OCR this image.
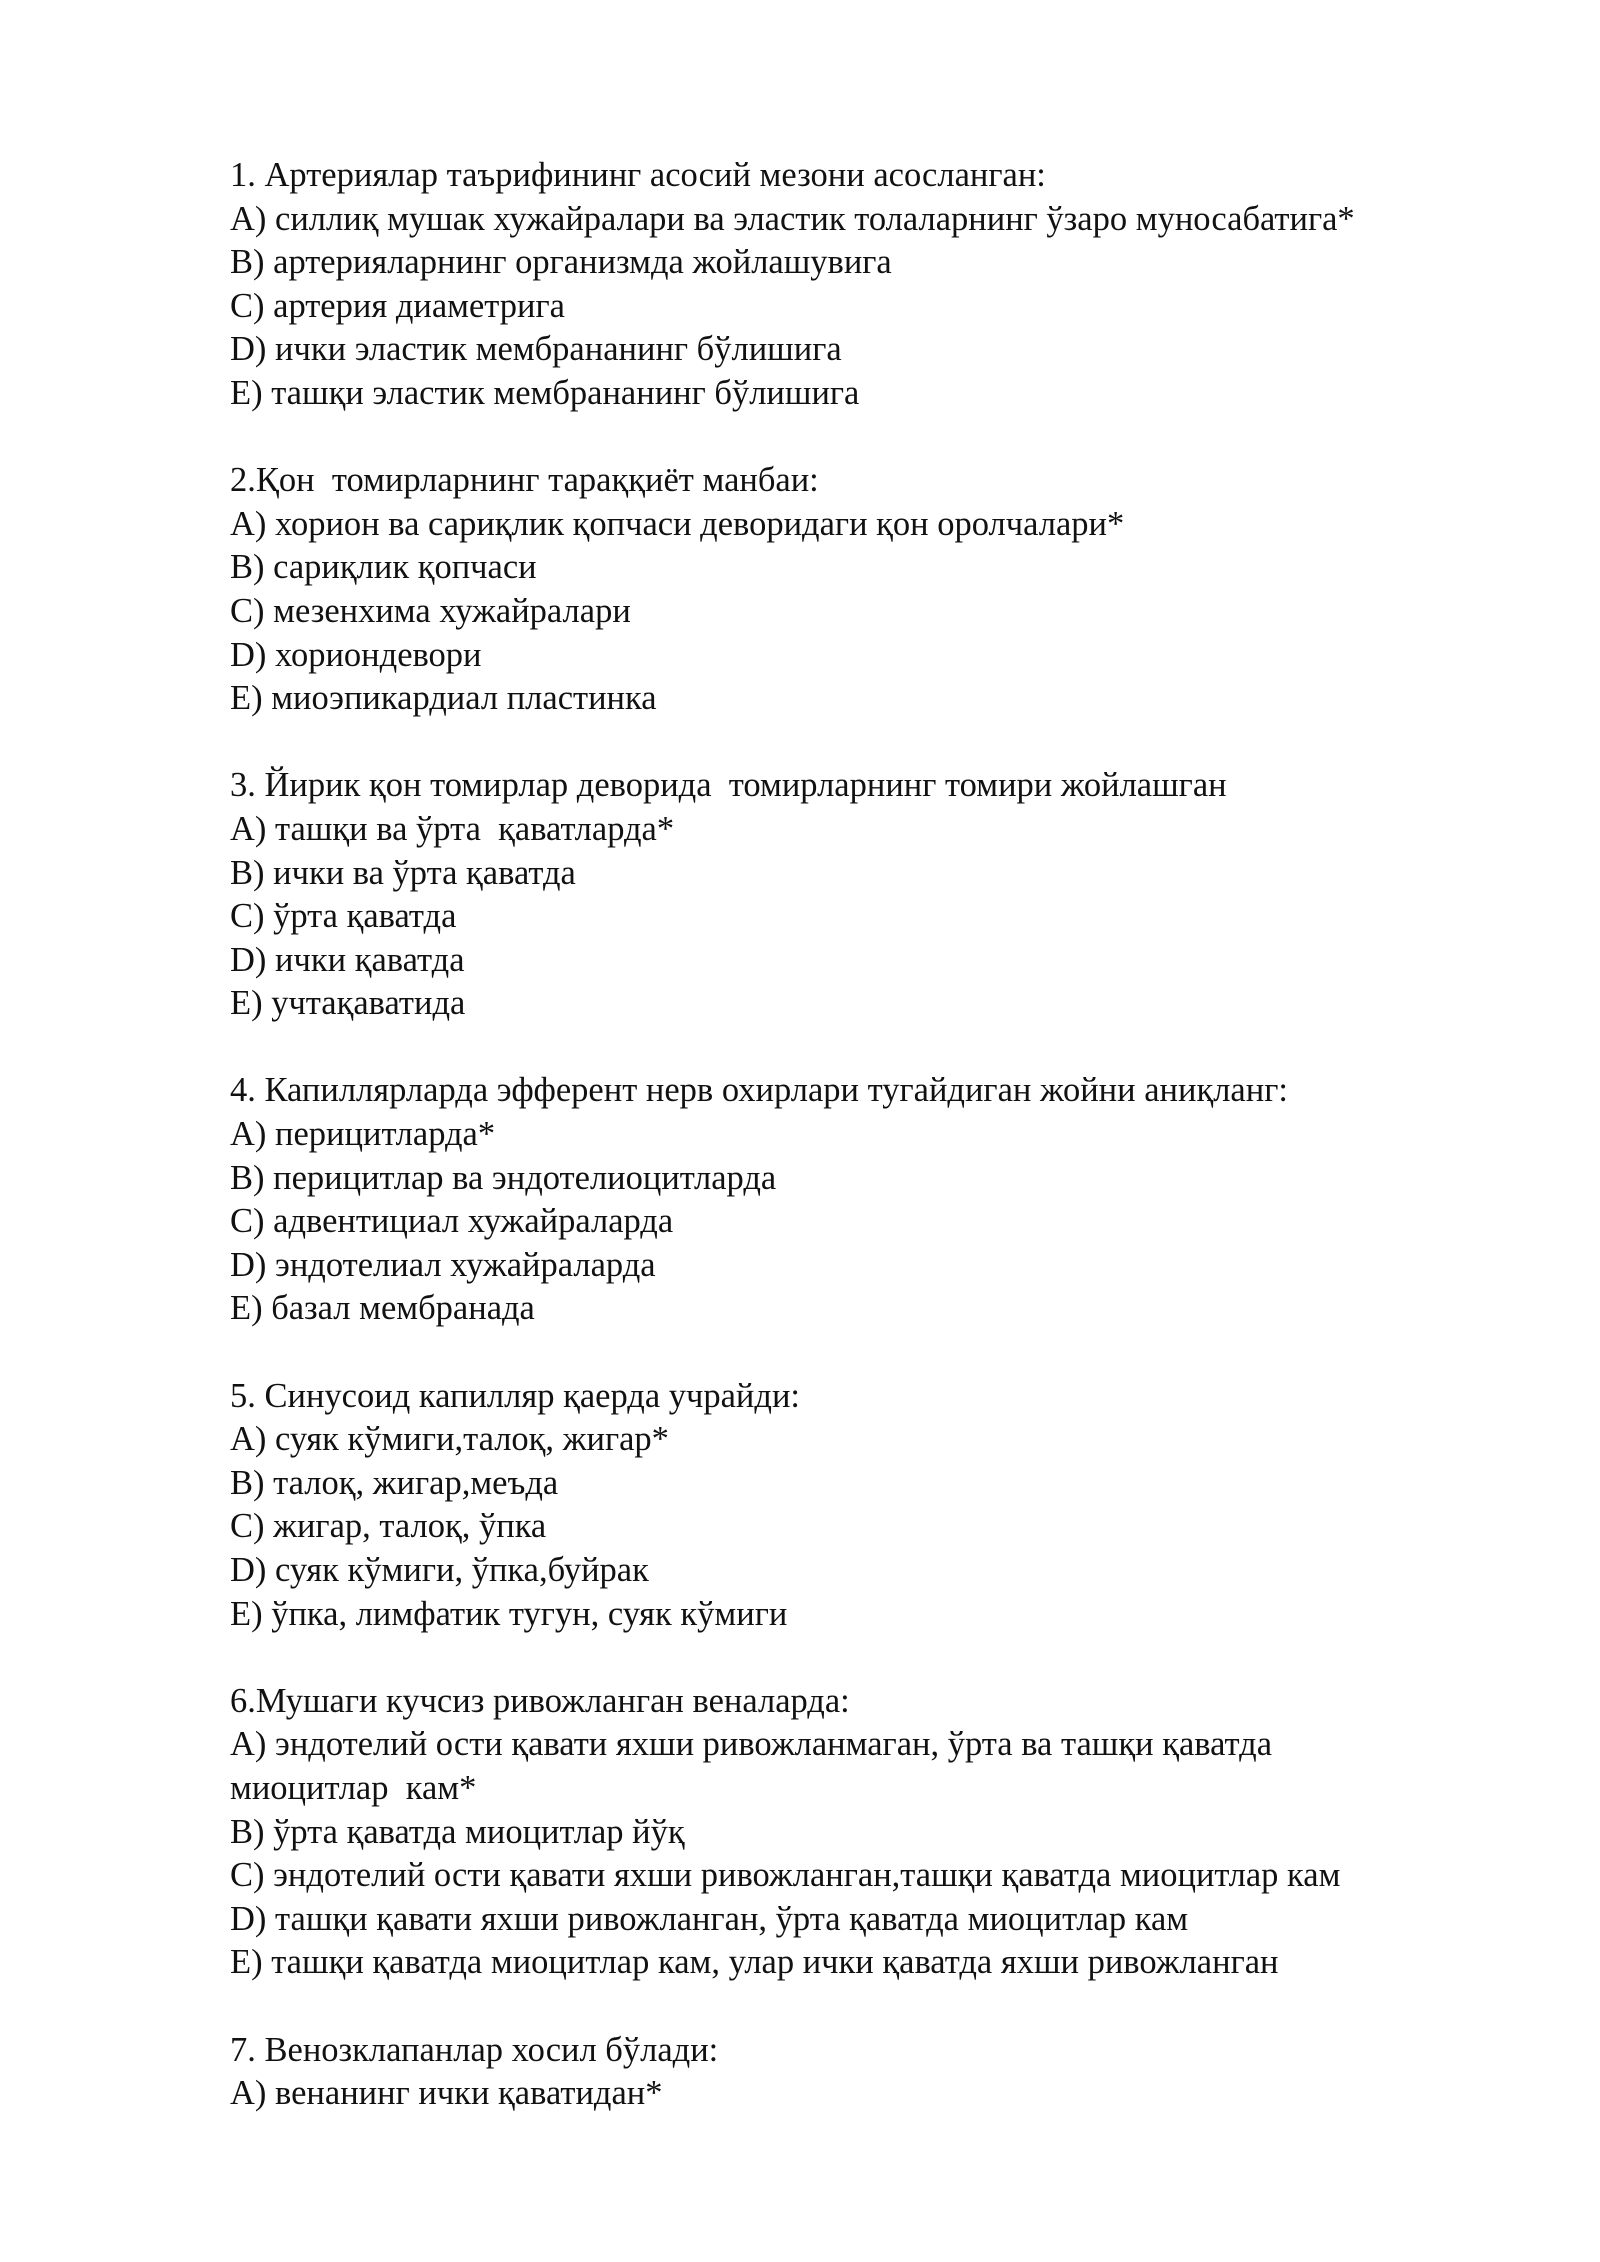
1. Артериялар таърифининг асосий мезони асосланган:
A) силлиқ мушак хужайралари ва эластик толаларнинг ўзаро муносабатига*
B) артерияларнинг организмда жойлашувига
C) артерия диаметрига
D) ички эластик мембрананинг бўлишига
E) ташқи эластик мембрананинг бўлишига
2.Қон  томирларнинг тараққиёт манбаи:
A) хорион ва сариқлик қопчаси деворидаги қон оролчалари*
B) сариқлик қопчаси
C) мезенхима хужайралари
D) хориондевори
E) миоэпикардиал пластинка
3. Йирик қон томирлар деворида  томирларнинг томири жойлашган
A) ташқи ва ўрта  қаватларда*
B) ички ва ўрта қаватда
C) ўрта қаватда
D) ички қаватда
E) учтақаватида
4. Капиллярларда эфферент нерв охирлари тугайдиган жойни аниқланг:
A) перицитларда*
B) перицитлар ва эндотелиоцитларда
C) адвентициал хужайраларда
D) эндотелиал хужайраларда
E) базал мембранада
5. Синусоид капилляр қаерда учрайди:
A) суяк кўмиги,талоқ, жигар*
B) талоқ, жигар,меъда
C) жигар, талоқ, ўпка
D) суяк кўмиги, ўпка,буйрак
E) ўпка, лимфатик тугун, суяк кўмиги
6.Мушаги кучсиз ривожланган веналарда:
A) эндотелий ости қавати яхши ривожланмаган, ўрта ва ташқи қаватда
миоцитлар  кам*
B) ўрта қаватда миоцитлар йўқ
C) эндотелий ости қавати яхши ривожланган,ташқи қаватда миоцитлар кам
D) ташқи қавати яхши ривожланган, ўрта қаватда миоцитлар кам
E) ташқи қаватда миоцитлар кам, улар ички қаватда яхши ривожланган
7. Венозклапанлар хосил бўлади:
A) венанинг ички қаватидан*
